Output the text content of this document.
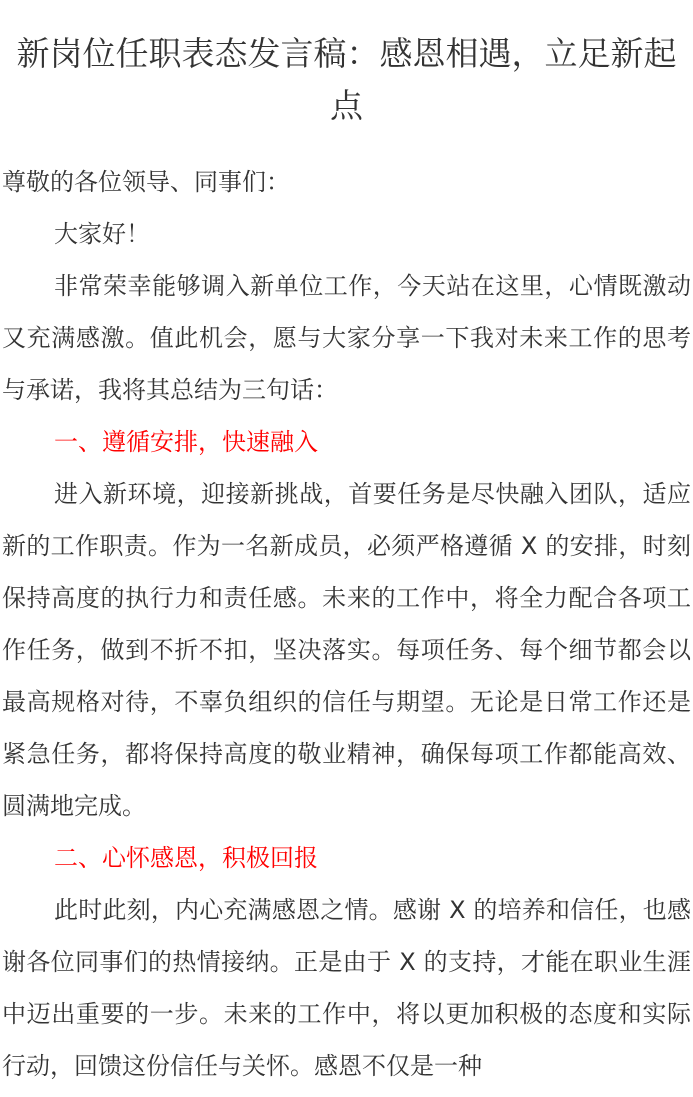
新岗位任职表态发言稿：感恩相遇，立足新起点

尊敬的各位领导、同事们：

大家好！

非常荣幸能够调入新单位工作，今天站在这里，心情既激动又充满感激。值此机会，愿与大家分享一下我对未来工作的思考与承诺，我将其总结为三句话：

一、遵循安排，快速融入

进入新环境，迎接新挑战，首要任务是尽快融入团队，适应新的工作职责。作为一名新成员，必须严格遵循 X 的安排，时刻保持高度的执行力和责任感。未来的工作中，将全力配合各项工作任务，做到不折不扣，坚决落实。每项任务、每个细节都会以最高规格对待，不辜负组织的信任与期望。无论是日常工作还是紧急任务，都将保持高度的敬业精神，确保每项工作都能高效、圆满地完成。

二、心怀感恩，积极回报

此时此刻，内心充满感恩之情。感谢 X 的培养和信任，也感谢各位同事们的热情接纳。正是由于 X 的支持，才能在职业生涯中迈出重要的一步。未来的工作中，将以更加积极的态度和实际行动，回馈这份信任与关怀。感恩不仅是一种
